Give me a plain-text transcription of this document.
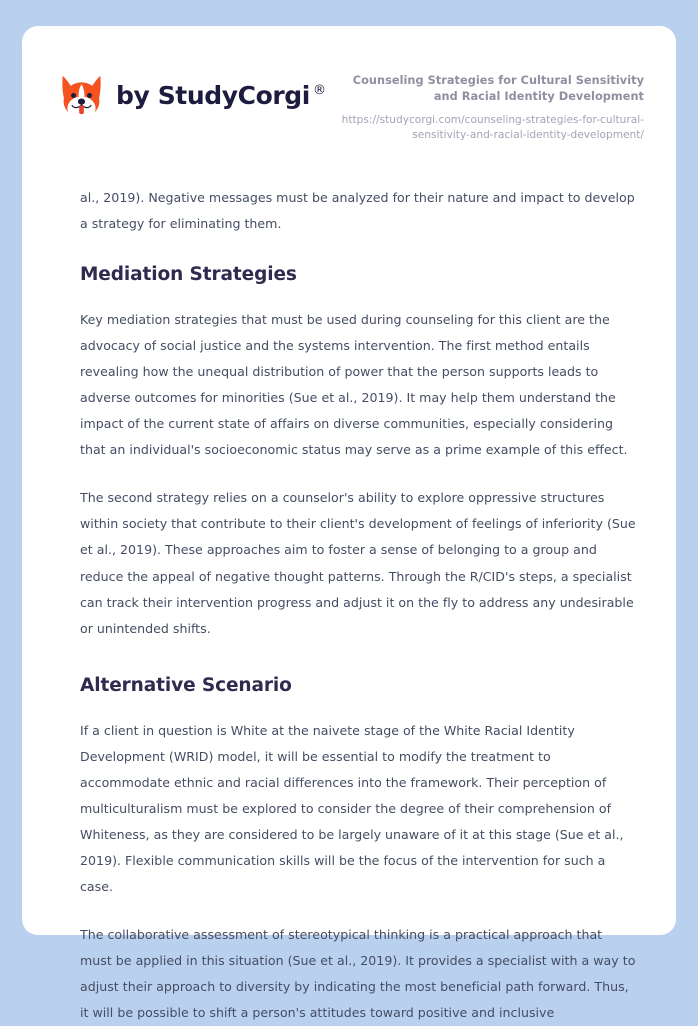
by StudyCorgi ®
Counseling Strategies for Cultural Sensitivity and Racial Identity Development
https://studycorgi.com/counseling-strategies-for-cultural-sensitivity-and-racial-identity-development/

al., 2019). Negative messages must be analyzed for their nature and impact to develop a strategy for eliminating them.

Mediation Strategies

Key mediation strategies that must be used during counseling for this client are the advocacy of social justice and the systems intervention. The first method entails revealing how the unequal distribution of power that the person supports leads to adverse outcomes for minorities (Sue et al., 2019). It may help them understand the impact of the current state of affairs on diverse communities, especially considering that an individual's socioeconomic status may serve as a prime example of this effect.

The second strategy relies on a counselor's ability to explore oppressive structures within society that contribute to their client's development of feelings of inferiority (Sue et al., 2019). These approaches aim to foster a sense of belonging to a group and reduce the appeal of negative thought patterns. Through the R/CID's steps, a specialist can track their intervention progress and adjust it on the fly to address any undesirable or unintended shifts.

Alternative Scenario

If a client in question is White at the naivete stage of the White Racial Identity Development (WRID) model, it will be essential to modify the treatment to accommodate ethnic and racial differences into the framework. Their perception of multiculturalism must be explored to consider the degree of their comprehension of Whiteness, as they are considered to be largely unaware of it at this stage (Sue et al., 2019). Flexible communication skills will be the focus of the intervention for such a case.

The collaborative assessment of stereotypical thinking is a practical approach that must be applied in this situation (Sue et al., 2019). It provides a specialist with a way to adjust their approach to diversity by indicating the most beneficial path forward. Thus, it will be possible to shift a person's attitudes toward positive and inclusive
